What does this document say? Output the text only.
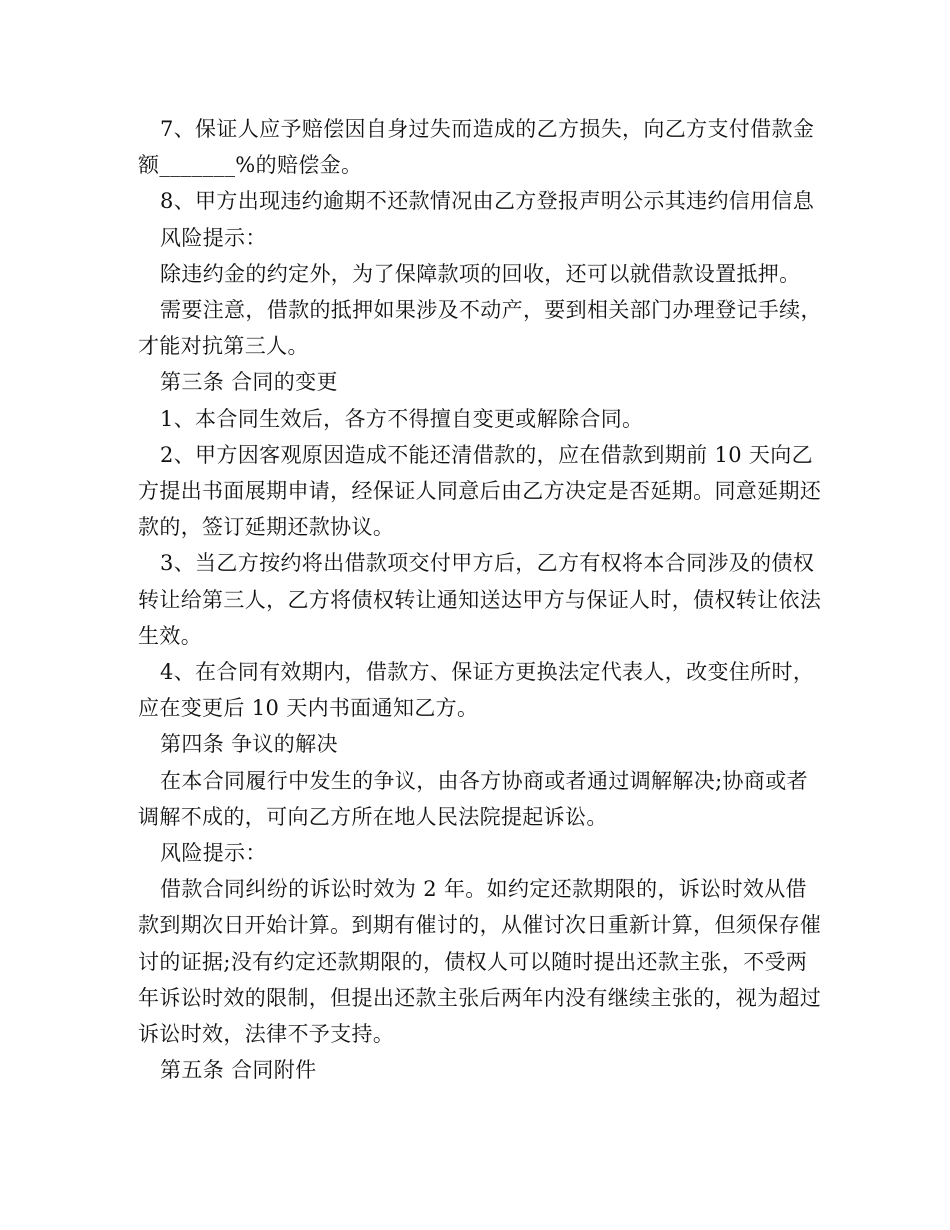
7、保证人应予赔偿因自身过失而造成的乙方损失，向乙方支付借款金额_______%的赔偿金。

8、甲方出现违约逾期不还款情况由乙方登报声明公示其违约信用信息

风险提示：

除违约金的约定外，为了保障款项的回收，还可以就借款设置抵押。

需要注意，借款的抵押如果涉及不动产，要到相关部门办理登记手续，才能对抗第三人。

第三条 合同的变更

1、本合同生效后，各方不得擅自变更或解除合同。

2、甲方因客观原因造成不能还清借款的，应在借款到期前 10 天向乙方提出书面展期申请，经保证人同意后由乙方决定是否延期。同意延期还款的，签订延期还款协议。

3、当乙方按约将出借款项交付甲方后，乙方有权将本合同涉及的债权转让给第三人，乙方将债权转让通知送达甲方与保证人时，债权转让依法生效。

4、在合同有效期内，借款方、保证方更换法定代表人，改变住所时，应在变更后 10 天内书面通知乙方。

第四条 争议的解决

在本合同履行中发生的争议，由各方协商或者通过调解解决;协商或者调解不成的，可向乙方所在地人民法院提起诉讼。

风险提示：

借款合同纠纷的诉讼时效为 2 年。如约定还款期限的，诉讼时效从借款到期次日开始计算。到期有催讨的，从催讨次日重新计算，但须保存催讨的证据;没有约定还款期限的，债权人可以随时提出还款主张，不受两年诉讼时效的限制，但提出还款主张后两年内没有继续主张的，视为超过诉讼时效，法律不予支持。

第五条 合同附件
